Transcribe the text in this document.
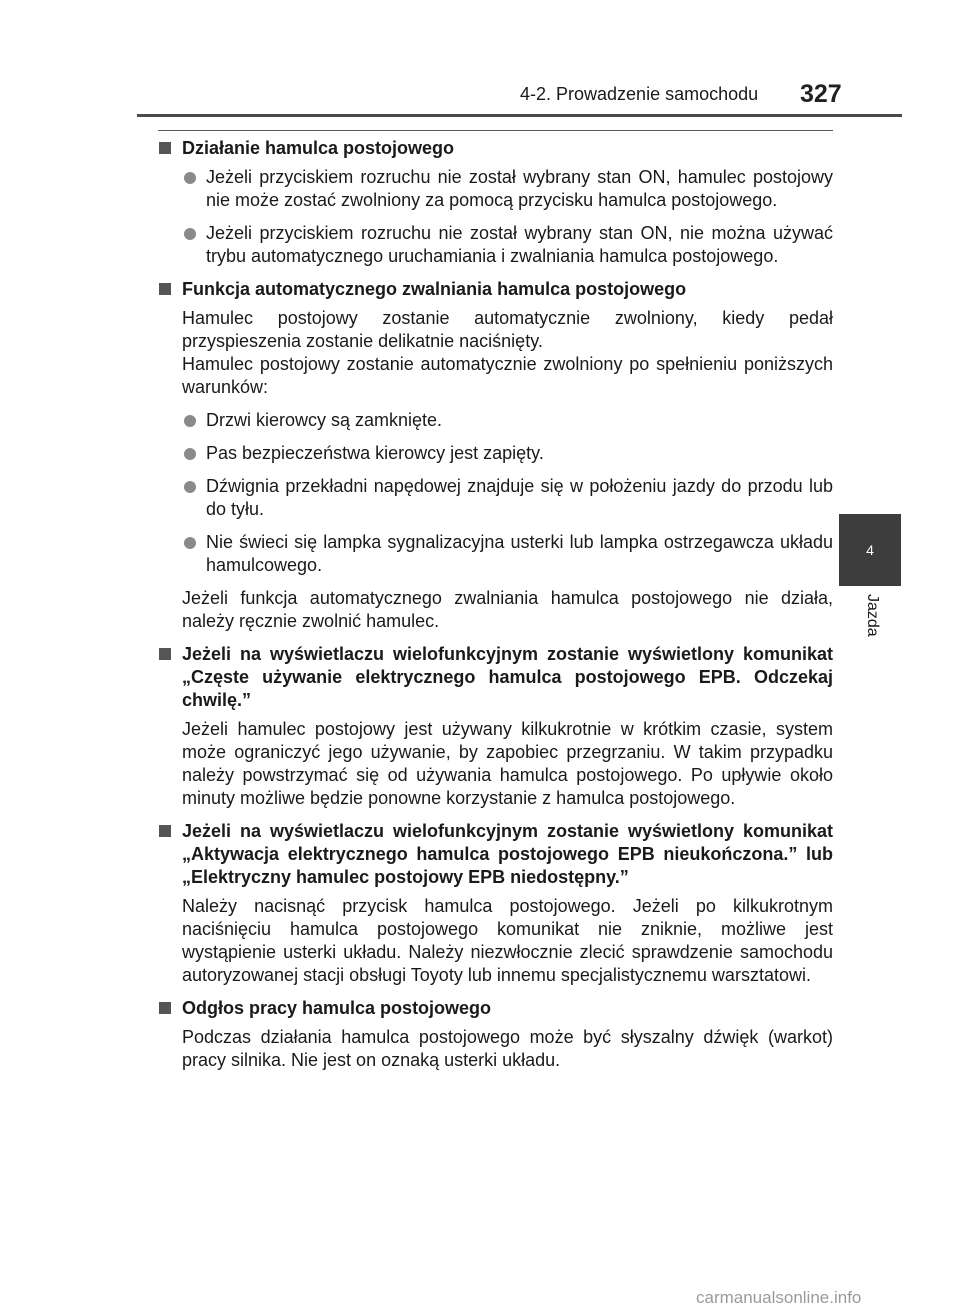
4-2. Prowadzenie samochodu 327
4
Jazda
Działanie hamulca postojowego
Jeżeli przyciskiem rozruchu nie został wybrany stan ON, hamulec postojowy nie może zostać zwolniony za pomocą przycisku hamulca postojowego.
Jeżeli przyciskiem rozruchu nie został wybrany stan ON, nie można używać trybu automatycznego uruchamiania i zwalniania hamulca postojowego.
Funkcja automatycznego zwalniania hamulca postojowego
Hamulec postojowy zostanie automatycznie zwolniony, kiedy pedał przyspieszenia zostanie delikatnie naciśnięty.
Hamulec postojowy zostanie automatycznie zwolniony po spełnieniu poniższych warunków:
Drzwi kierowcy są zamknięte.
Pas bezpieczeństwa kierowcy jest zapięty.
Dźwignia przekładni napędowej znajduje się w położeniu jazdy do przodu lub do tyłu.
Nie świeci się lampka sygnalizacyjna usterki lub lampka ostrzegawcza układu hamulcowego.
Jeżeli funkcja automatycznego zwalniania hamulca postojowego nie działa, należy ręcznie zwolnić hamulec.
Jeżeli na wyświetlaczu wielofunkcyjnym zostanie wyświetlony komunikat „Częste używanie elektrycznego hamulca postojowego EPB. Odczekaj chwilę.”
Jeżeli hamulec postojowy jest używany kilkukrotnie w krótkim czasie, system może ograniczyć jego używanie, by zapobiec przegrzaniu. W takim przypadku należy powstrzymać się od używania hamulca postojowego. Po upływie około minuty możliwe będzie ponowne korzystanie z hamulca postojowego.
Jeżeli na wyświetlaczu wielofunkcyjnym zostanie wyświetlony komunikat „Aktywacja elektrycznego hamulca postojowego EPB nieukończona.” lub „Elektryczny hamulec postojowy EPB niedostępny.”
Należy nacisnąć przycisk hamulca postojowego. Jeżeli po kilkukrotnym naciśnięciu hamulca postojowego komunikat nie zniknie, możliwe jest wystąpienie usterki układu. Należy niezwłocznie zlecić sprawdzenie samochodu autoryzowanej stacji obsługi Toyoty lub innemu specjalistycznemu warsztatowi.
Odgłos pracy hamulca postojowego
Podczas działania hamulca postojowego może być słyszalny dźwięk (warkot) pracy silnika. Nie jest on oznaką usterki układu.
carmanualsonline.info
